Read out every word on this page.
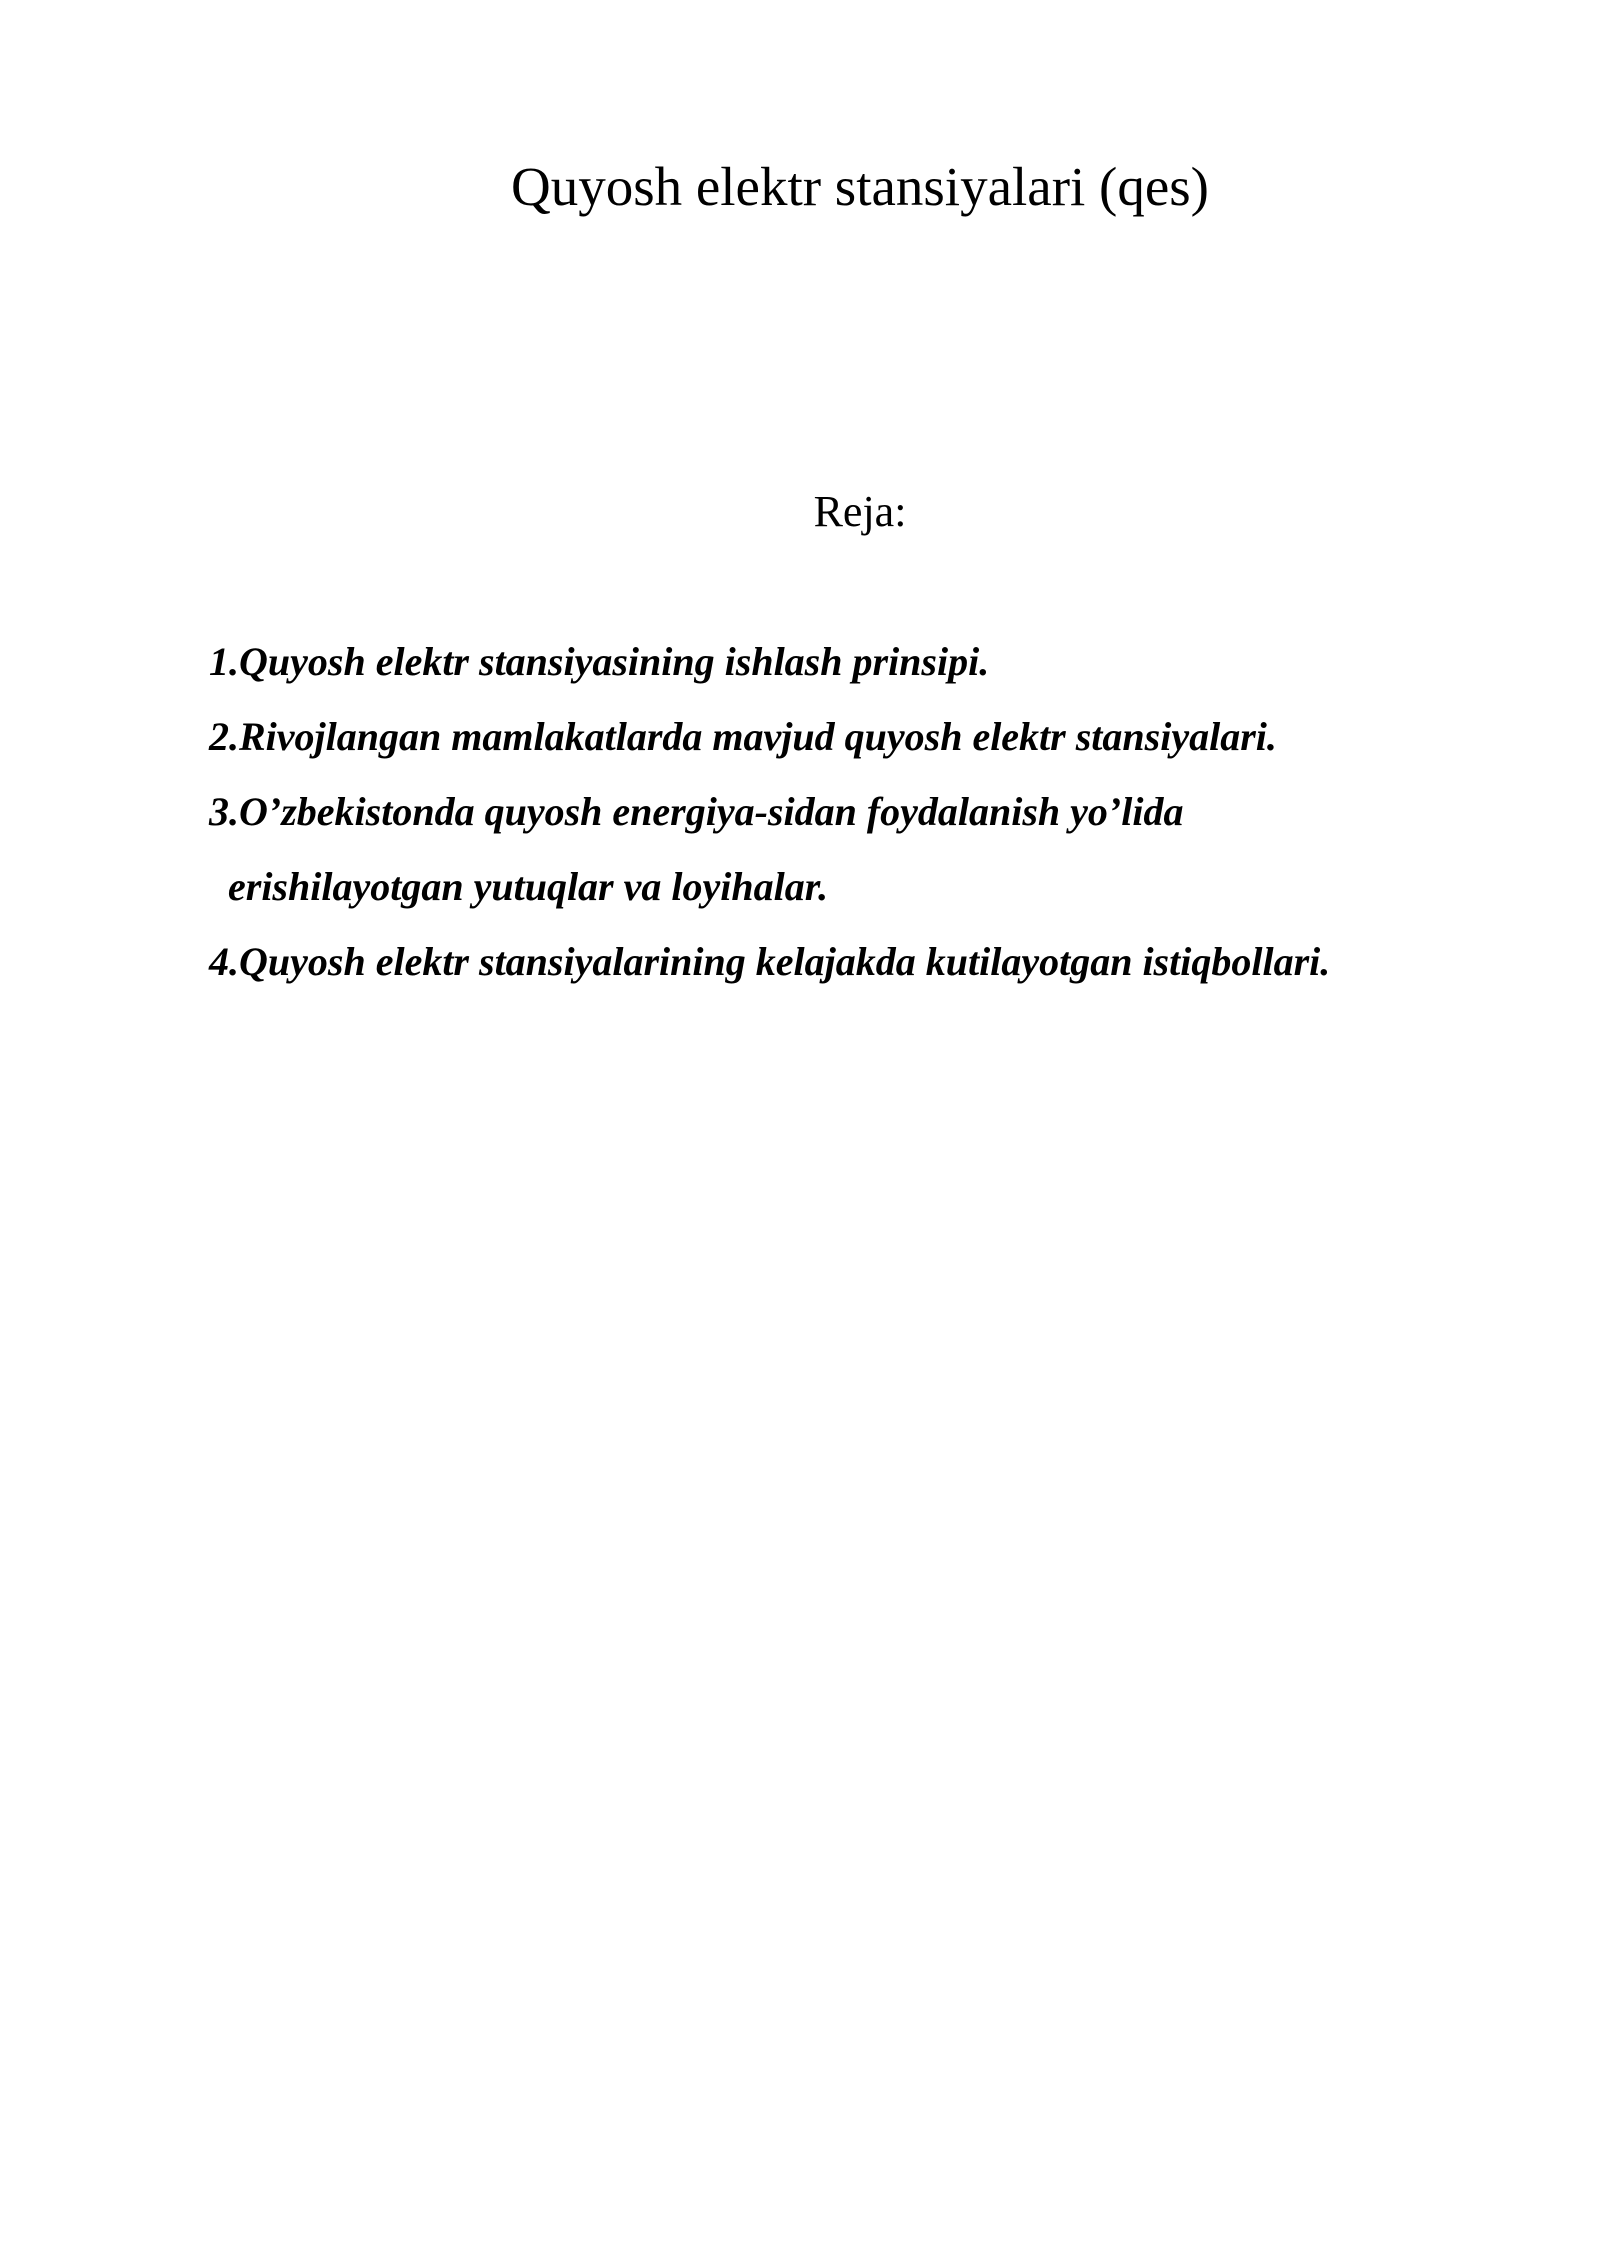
Quyosh elektr stansiyalari (qes)

Reja:

1.Quyosh elektr stansiyasining ishlash prinsipi.
2.Rivojlangan mamlakatlarda mavjud quyosh elektr stansiyalari.
3.O’zbekistonda quyosh energiya-sidan foydalanish yo’lida
erishilayotgan yutuqlar va loyihalar.
4.Quyosh elektr stansiyalarining kelajakda kutilayotgan istiqbollari.
